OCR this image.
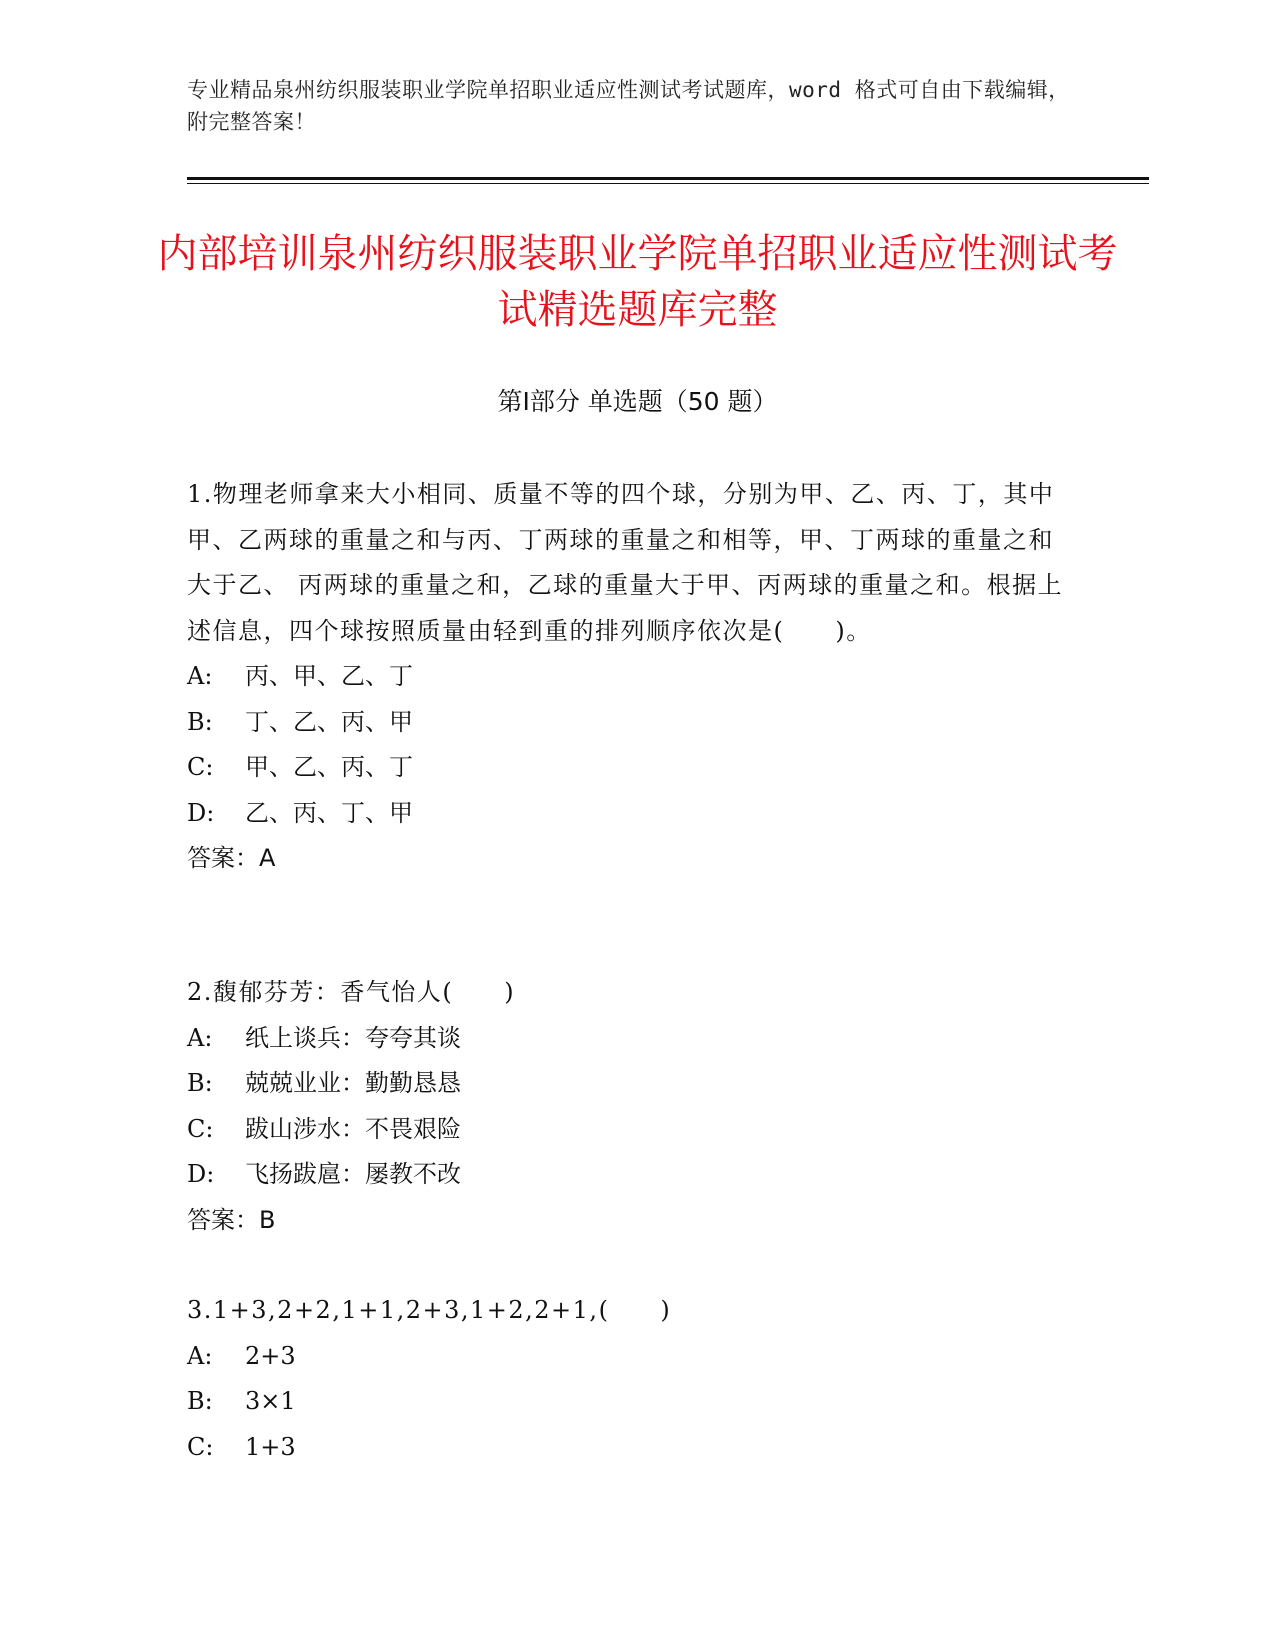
专业精品泉州纺织服装职业学院单招职业适应性测试考试题库，word 格式可自由下载编辑，附完整答案！
内部培训泉州纺织服装职业学院单招职业适应性测试考试精选题库完整
第Ⅰ部分 单选题（50 题）
1.物理老师拿来大小相同、质量不等的四个球，分别为甲、乙、丙、丁，其中 甲、乙两球的重量之和与丙、丁两球的重量之和相等，甲、丁两球的重量之和大于乙、 丙两球的重量之和，乙球的重量大于甲、丙两球的重量之和。根据上述信息，四个球按照质量由轻到重的排列顺序依次是(　　)。
A: 丙、甲、乙、丁
B: 丁、乙、丙、甲
C: 甲、乙、丙、丁
D: 乙、丙、丁、甲
答案：A
2.馥郁芬芳：香气怡人(　　)
A: 纸上谈兵：夸夸其谈
B: 兢兢业业：勤勤恳恳
C: 跋山涉水：不畏艰险
D: 飞扬跋扈：屡教不改
答案：B
3.1+3,2+2,1+1,2+3,1+2,2+1,(　　)
A: 2+3
B: 3×1
C: 1+3
